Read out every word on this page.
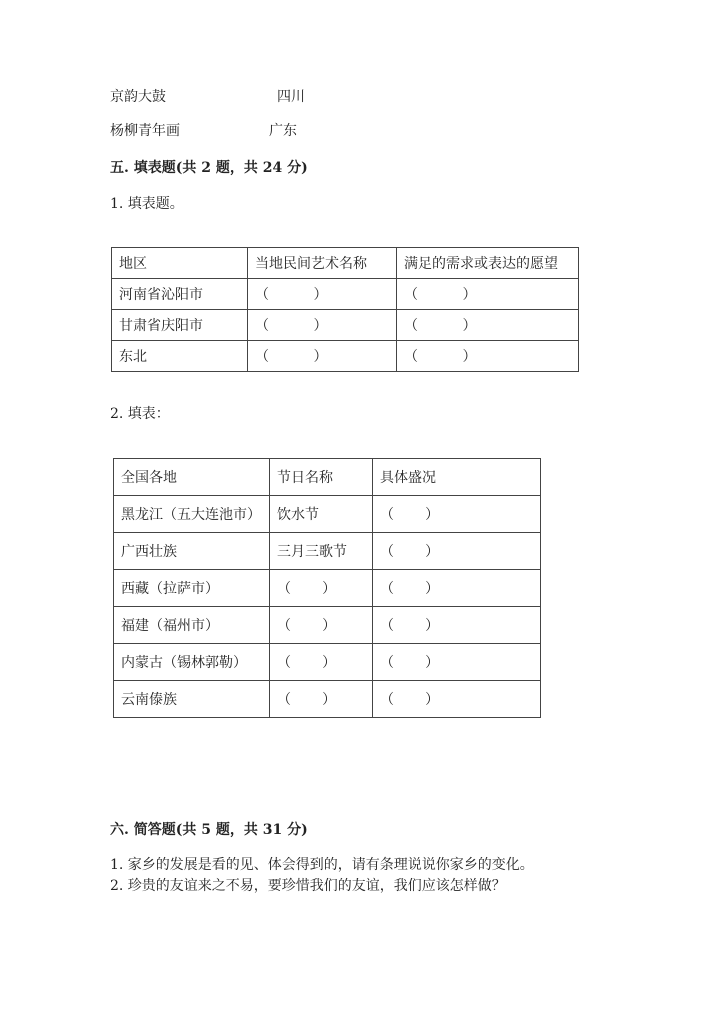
京韵大鼓	四川
杨柳青年画	广东
五. 填表题(共 2 题，共 24 分)
1. 填表题。
地区	当地民间艺术名称	满足的需求或表达的愿望
河南省沁阳市	（          ）	（          ）
甘肃省庆阳市	（          ）	（          ）
东北	（          ）	（          ）
2. 填表：
全国各地	节日名称	具体盛况
黑龙江（五大连池市）	饮水节	（       ）
广西壮族	三月三歌节	（       ）
西藏（拉萨市）	（       ）	（       ）
福建（福州市）	（       ）	（       ）
内蒙古（锡林郭勒）	（       ）	（       ）
云南傣族	（       ）	（       ）
六. 简答题(共 5 题，共 31 分)
1. 家乡的发展是看的见、体会得到的，请有条理说说你家乡的变化。
2. 珍贵的友谊来之不易，要珍惜我们的友谊，我们应该怎样做？
